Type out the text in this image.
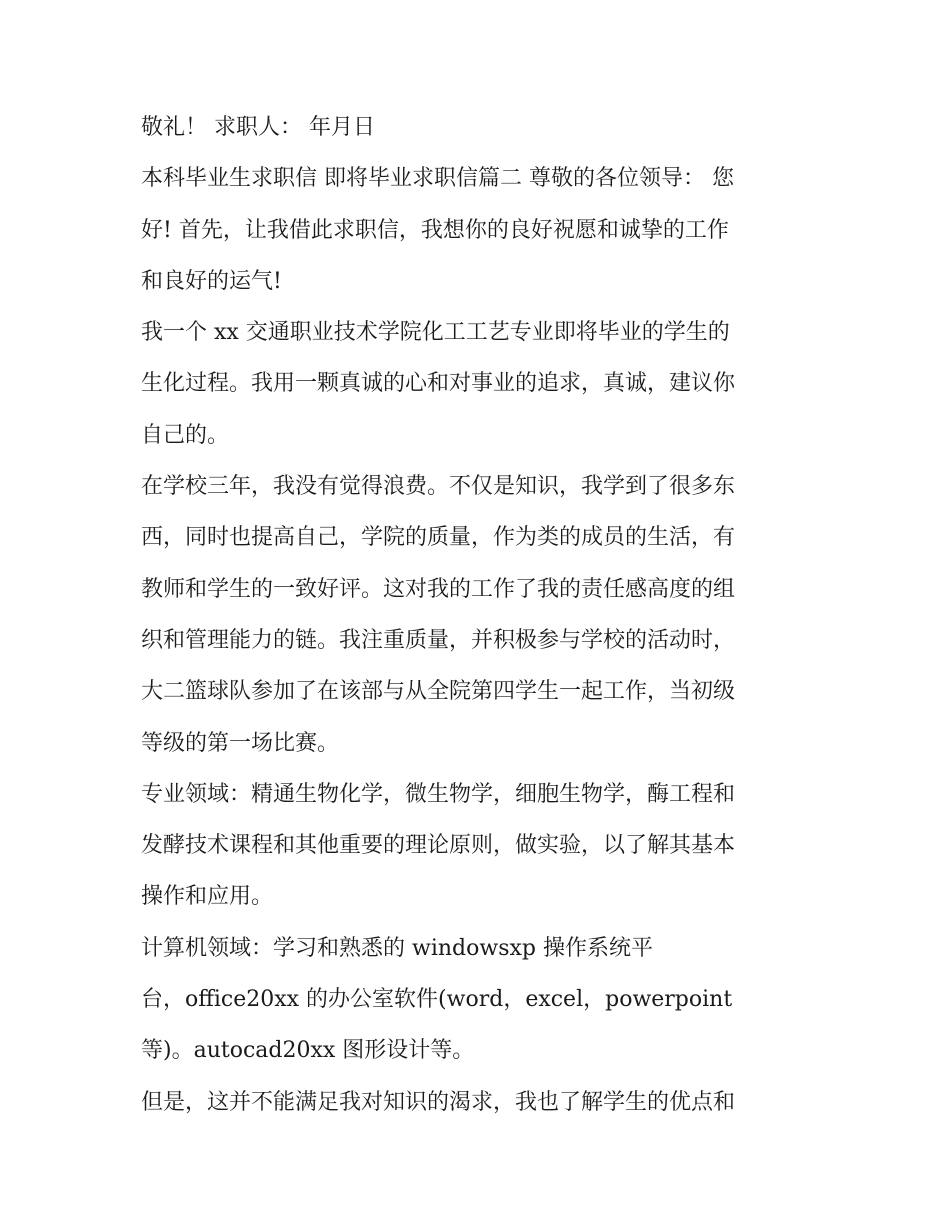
敬礼！ 求职人： 年月日
本科毕业生求职信 即将毕业求职信篇二 尊敬的各位领导： 您
好! 首先，让我借此求职信，我想你的良好祝愿和诚挚的工作
和良好的运气!
我一个 xx 交通职业技术学院化工工艺专业即将毕业的学生的
生化过程。我用一颗真诚的心和对事业的追求，真诚，建议你
自己的。
在学校三年，我没有觉得浪费。不仅是知识，我学到了很多东
西，同时也提高自己，学院的质量，作为类的成员的生活，有
教师和学生的一致好评。这对我的工作了我的责任感高度的组
织和管理能力的链。我注重质量，并积极参与学校的活动时，
大二篮球队参加了在该部与从全院第四学生一起工作，当初级
等级的第一场比赛。
专业领域：精通生物化学，微生物学，细胞生物学，酶工程和
发酵技术课程和其他重要的理论原则，做实验，以了解其基本
操作和应用。
计算机领域：学习和熟悉的 windowsxp 操作系统平
台，office20xx 的办公室软件(word，excel，powerpoint
等)。autocad20xx 图形设计等。
但是，这并不能满足我对知识的渴求，我也了解学生的优点和
